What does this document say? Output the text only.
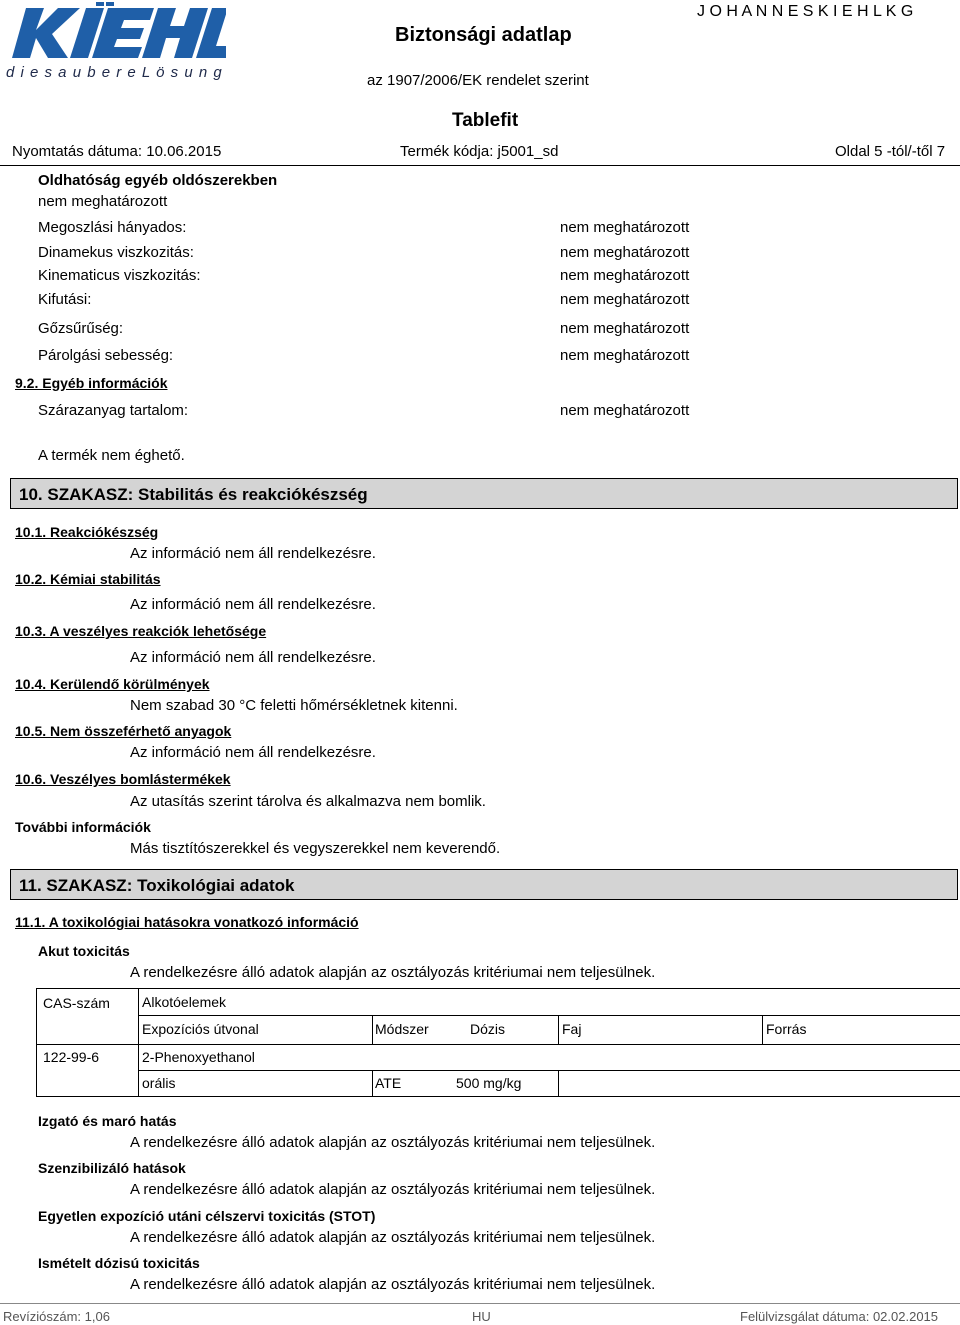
d i e s a u b e r e L ö s u n g
Biztonsági adatlap
J O H A N N E S K I E H L K G
az 1907/2006/EK rendelet szerint
Tablefit
Nyomtatás dátuma: 10.06.2015	Termék kódja: j5001_sd	Oldal 5 -tól/-től 7
Oldhatóság egyéb oldószerekben
nem meghatározott
Megoszlási hányados:	nem meghatározott
Dinamekus viszkozitás:	nem meghatározott
Kinematicus viszkozitás:	nem meghatározott
Kifutási:	nem meghatározott
Gőzsűrűség:	nem meghatározott
Párolgási sebesség:	nem meghatározott
9.2. Egyéb információk
Szárazanyag tartalom:	nem meghatározott
A termék nem éghető.
10. SZAKASZ: Stabilitás és reakciókészség
10.1. Reakciókészség
Az információ nem áll rendelkezésre.
10.2. Kémiai stabilitás
Az információ nem áll rendelkezésre.
10.3. A veszélyes reakciók lehetősége
Az információ nem áll rendelkezésre.
10.4. Kerülendő körülmények
Nem szabad 30 °C feletti hőmérsékletnek kitenni.
10.5. Nem összeférhető anyagok
Az információ nem áll rendelkezésre.
10.6. Veszélyes bomlástermékek
Az utasítás szerint tárolva és alkalmazva nem bomlik.
További információk
Más tisztítószerekkel és vegyszerekkel nem keverendő.
11. SZAKASZ: Toxikológiai adatok
11.1. A toxikológiai hatásokra vonatkozó információ
Akut toxicitás
A rendelkezésre álló adatok alapján az osztályozás kritériumai nem teljesülnek.
CAS-szám Alkotóelemek
Expozíciós útvonal	Módszer	Dózis	Faj	Forrás
122-99-6	2-Phenoxyethanol
orális	ATE	500 mg/kg
Izgató és maró hatás
A rendelkezésre álló adatok alapján az osztályozás kritériumai nem teljesülnek.
Szenzibilizáló hatások
A rendelkezésre álló adatok alapján az osztályozás kritériumai nem teljesülnek.
Egyetlen expozíció utáni célszervi toxicitás (STOT)
A rendelkezésre álló adatok alapján az osztályozás kritériumai nem teljesülnek.
Ismételt dózisú toxicitás
A rendelkezésre álló adatok alapján az osztályozás kritériumai nem teljesülnek.
Revíziószám: 1,06	HU	Felülvizsgálat dátuma: 02.02.2015
